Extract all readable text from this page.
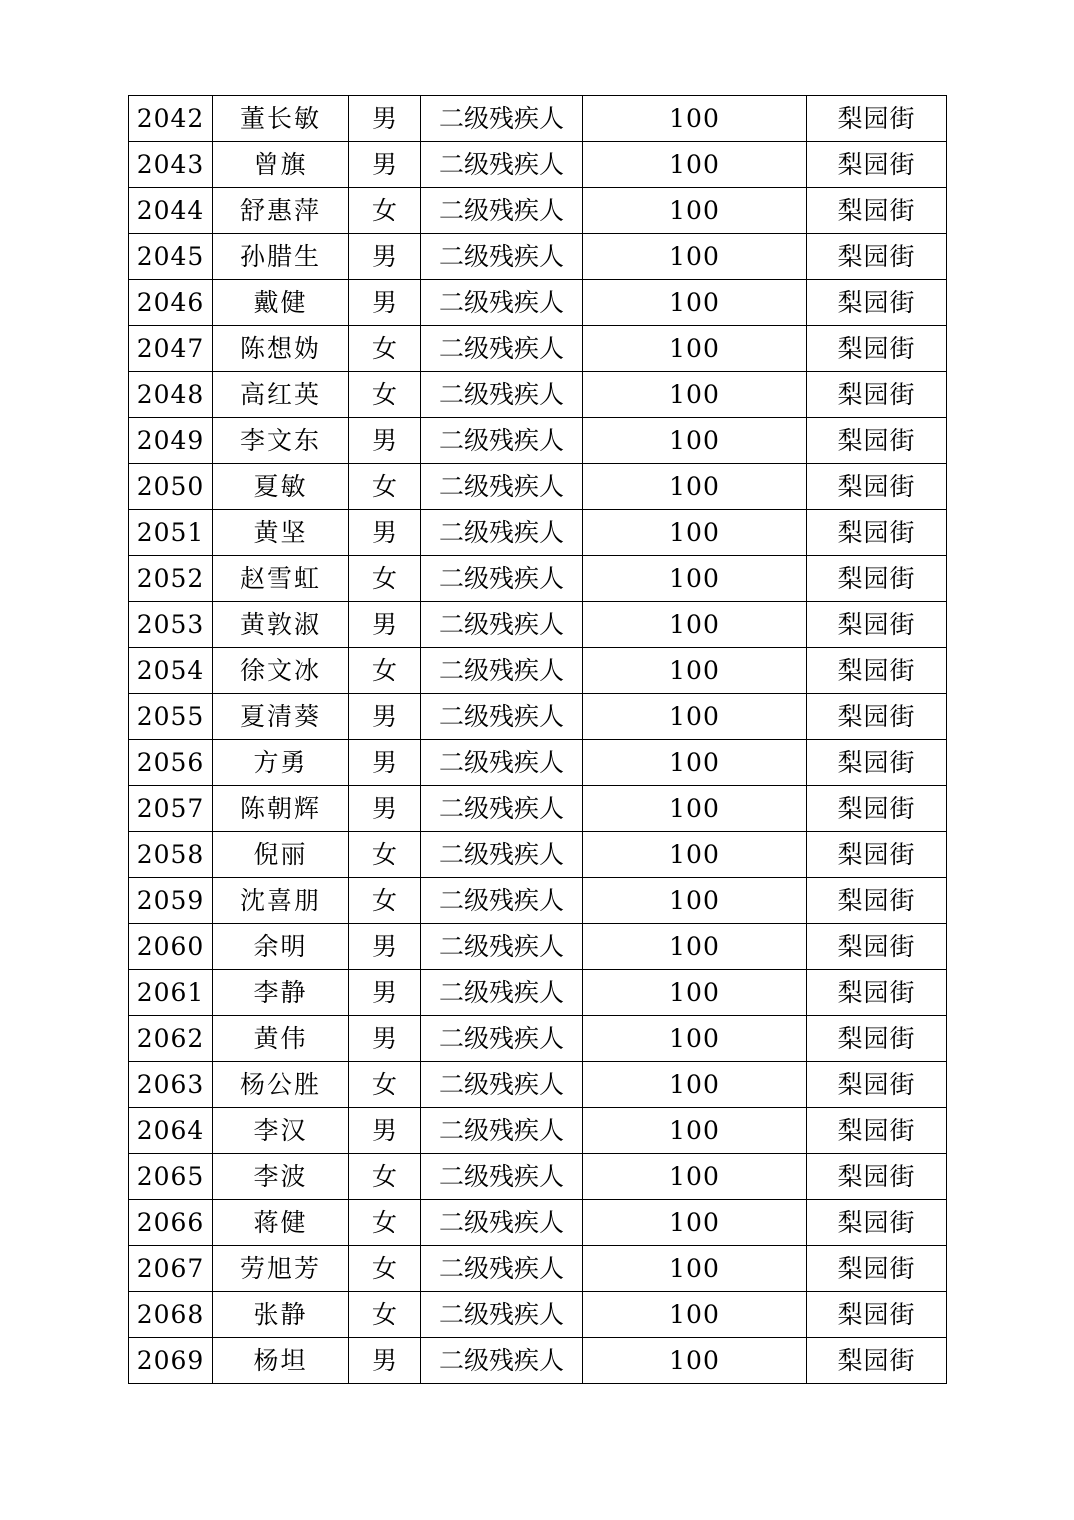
2042	董长敏	男	二级残疾人	100	梨园街
2043	曾旗	男	二级残疾人	100	梨园街
2044	舒惠萍	女	二级残疾人	100	梨园街
2045	孙腊生	男	二级残疾人	100	梨园街
2046	戴健	男	二级残疾人	100	梨园街
2047	陈想妫	女	二级残疾人	100	梨园街
2048	高红英	女	二级残疾人	100	梨园街
2049	李文东	男	二级残疾人	100	梨园街
2050	夏敏	女	二级残疾人	100	梨园街
2051	黄坚	男	二级残疾人	100	梨园街
2052	赵雪虹	女	二级残疾人	100	梨园街
2053	黄敦淑	男	二级残疾人	100	梨园街
2054	徐文冰	女	二级残疾人	100	梨园街
2055	夏清葵	男	二级残疾人	100	梨园街
2056	方勇	男	二级残疾人	100	梨园街
2057	陈朝辉	男	二级残疾人	100	梨园街
2058	倪丽	女	二级残疾人	100	梨园街
2059	沈喜朋	女	二级残疾人	100	梨园街
2060	余明	男	二级残疾人	100	梨园街
2061	李静	男	二级残疾人	100	梨园街
2062	黄伟	男	二级残疾人	100	梨园街
2063	杨公胜	女	二级残疾人	100	梨园街
2064	李汉	男	二级残疾人	100	梨园街
2065	李波	女	二级残疾人	100	梨园街
2066	蒋健	女	二级残疾人	100	梨园街
2067	劳旭芳	女	二级残疾人	100	梨园街
2068	张静	女	二级残疾人	100	梨园街
2069	杨坦	男	二级残疾人	100	梨园街
